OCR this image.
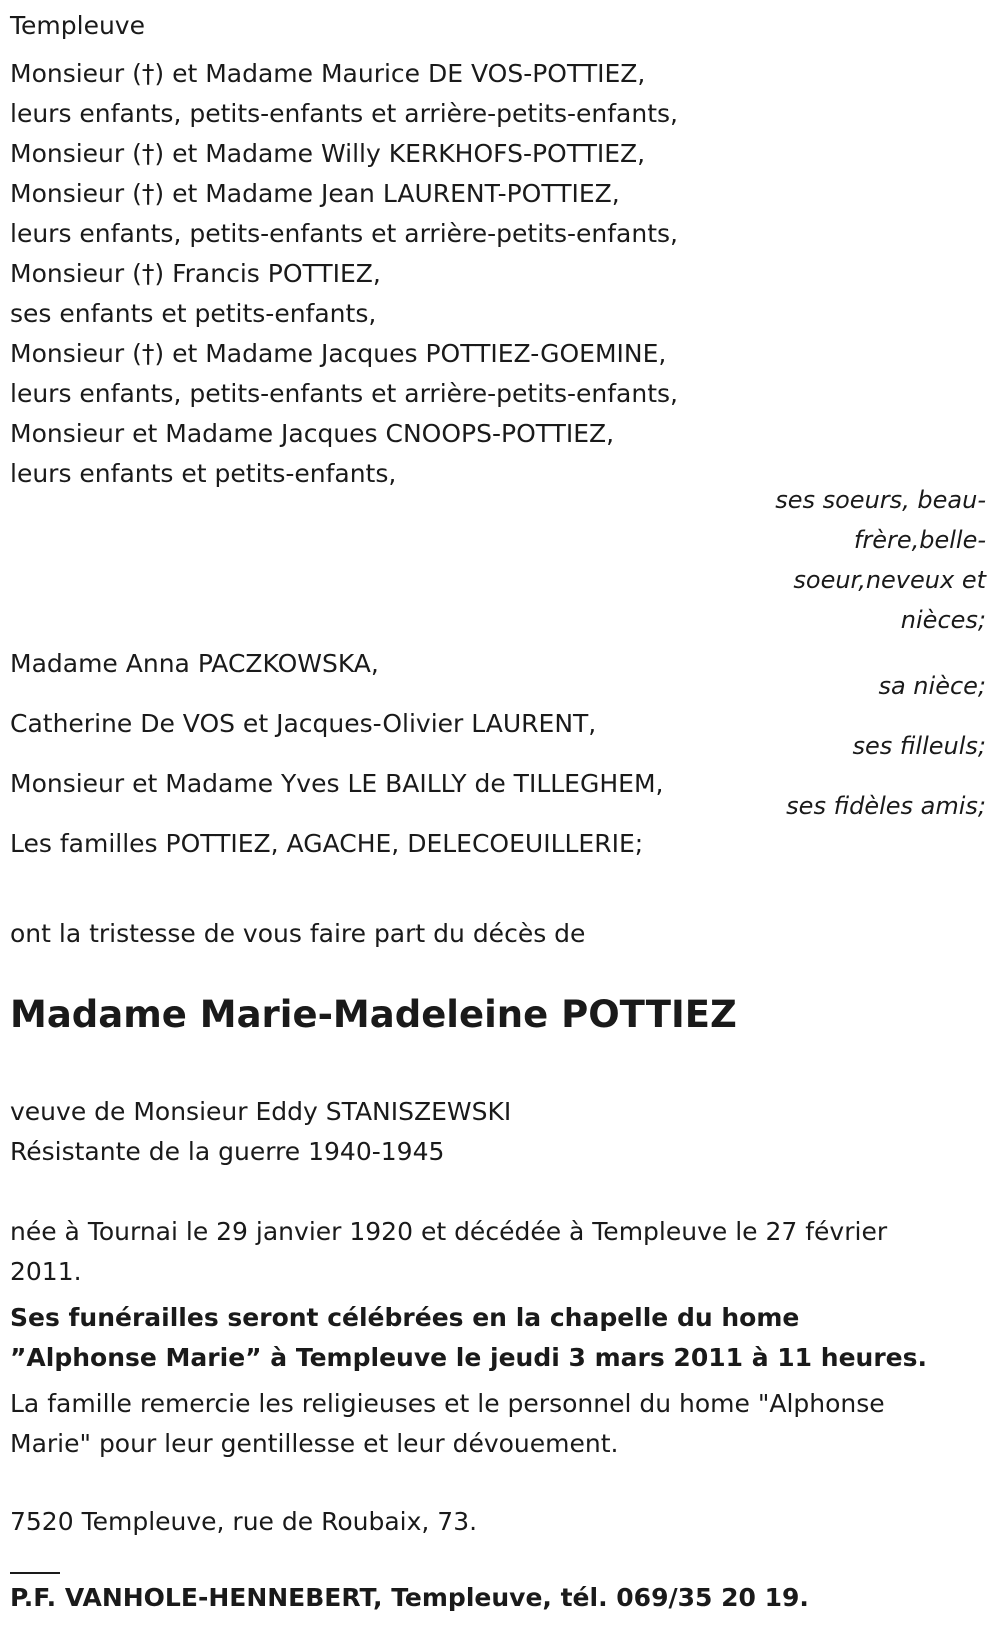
Templeuve
Monsieur (†) et Madame Maurice DE VOS-POTTIEZ,
leurs enfants, petits-enfants et arrière-petits-enfants,
Monsieur (†) et Madame Willy KERKHOFS-POTTIEZ,
Monsieur (†) et Madame Jean LAURENT-POTTIEZ,
leurs enfants, petits-enfants et arrière-petits-enfants,
Monsieur (†) Francis POTTIEZ,
ses enfants et petits-enfants,
Monsieur (†) et Madame Jacques POTTIEZ-GOEMINE,
leurs enfants, petits-enfants et arrière-petits-enfants,
Monsieur et Madame Jacques CNOOPS-POTTIEZ,
leurs enfants et petits-enfants,
ses soeurs, beau-frère,belle-soeur,neveux et nièces;
Madame Anna PACZKOWSKA,
sa nièce;
Catherine De VOS et Jacques-Olivier LAURENT,
ses filleuls;
Monsieur et Madame Yves LE BAILLY de TILLEGHEM,
ses fidèles amis;
Les familles POTTIEZ, AGACHE, DELECOEUILLERIE;
ont la tristesse de vous faire part du décès de
Madame Marie-Madeleine POTTIEZ
veuve de Monsieur Eddy STANISZEWSKI
Résistante de la guerre 1940-1945
née à Tournai le 29 janvier 1920 et décédée à Templeuve le 27 février 2011.
Ses funérailles seront célébrées en la chapelle du home ”Alphonse Marie” à Templeuve le jeudi 3 mars 2011 à 11 heures.
La famille remercie les religieuses et le personnel du home "Alphonse Marie" pour leur gentillesse et leur dévouement.
7520 Templeuve, rue de Roubaix, 73.
P.F. VANHOLE-HENNEBERT, Templeuve, tél. 069/35 20 19.
